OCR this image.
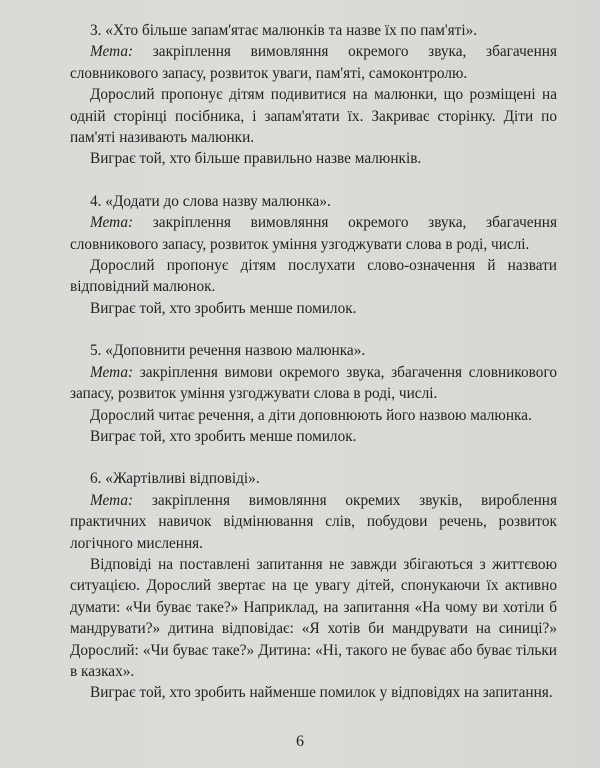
3. «Хто більше запам'ятає малюнків та назве їх по пам'яті».

Мета: закріплення вимовляння окремого звука, збагачення словникового запасу, розвиток уваги, пам'яті, самоконтролю.

Дорослий пропонує дітям подивитися на малюнки, що розміщені на одній сторінці посібника, і запам'ятати їх. Закриває сторінку. Діти по пам'яті називають малюнки.

Виграє той, хто більше правильно назве малюнків.

4. «Додати до слова назву малюнка».

Мета: закріплення вимовляння окремого звука, збагачення словникового запасу, розвиток уміння узгоджувати слова в роді, числі.

Дорослий пропонує дітям послухати слово-означення й назвати відповідний малюнок.

Виграє той, хто зробить менше помилок.

5. «Доповнити речення назвою малюнка».

Мета: закріплення вимови окремого звука, збагачення словникового запасу, розвиток уміння узгоджувати слова в роді, числі.

Дорослий читає речення, а діти доповнюють його назвою малюнка.

Виграє той, хто зробить менше помилок.

6. «Жартівливі відповіді».

Мета: закріплення вимовляння окремих звуків, вироблення практичних навичок відмінювання слів, побудови речень, розвиток логічного мислення.

Відповіді на поставлені запитання не завжди збігаються з життєвою ситуацією. Дорослий звертає на це увагу дітей, спонукаючи їх активно думати: «Чи буває таке?» Наприклад, на запитання «На чому ви хотіли б мандрувати?» дитина відповідає: «Я хотів би мандрувати на синиці?» Дорослий: «Чи буває таке?» Дитина: «Ні, такого не буває або буває тільки в казках».

Виграє той, хто зробить найменше помилок у відповідях на запитання.

6
